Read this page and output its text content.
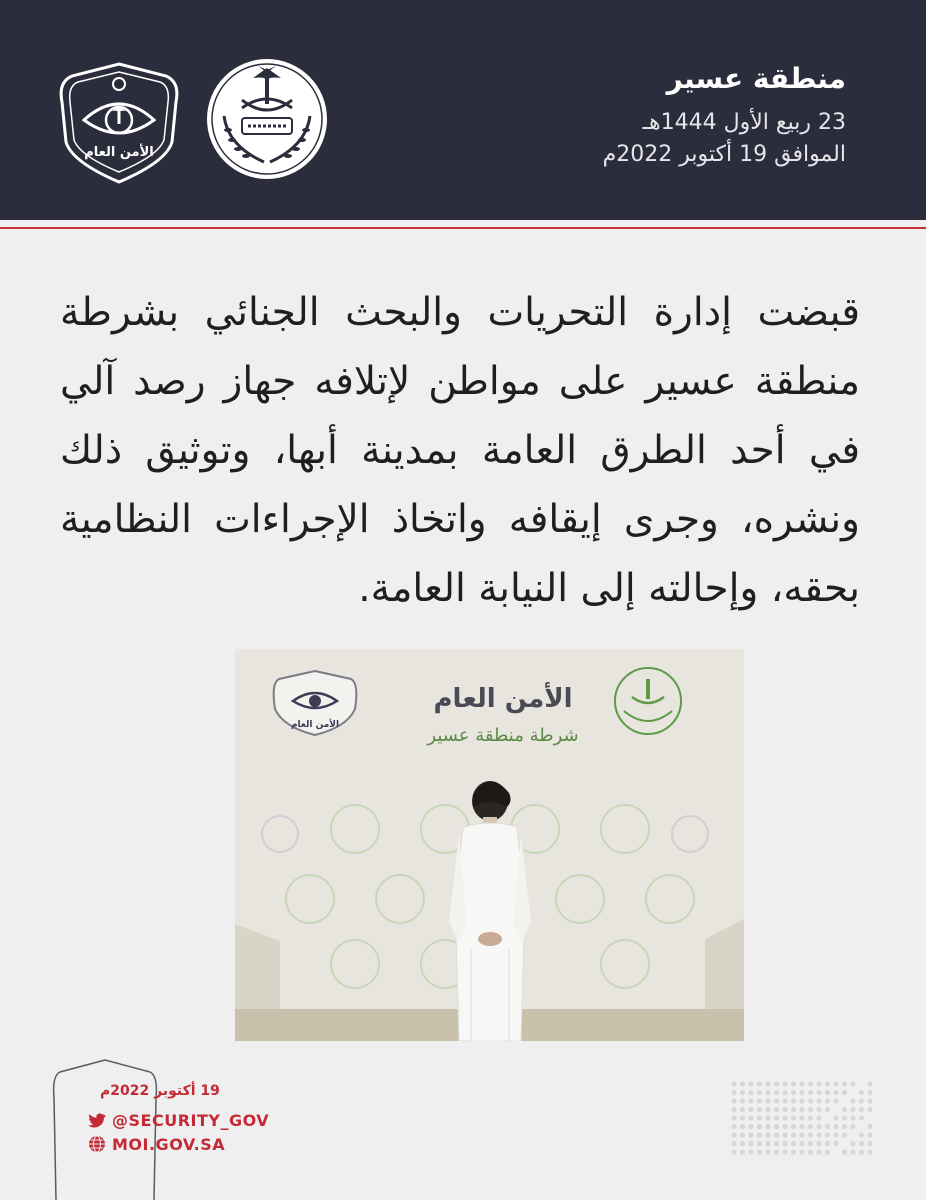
منطقة عسير
23 ربيع الأول 1444هـ
الموافق 19 أكتوبر 2022م
الأمن العام

قبضت إدارة التحريات والبحث الجنائي بشرطة منطقة عسير على مواطن لإتلافه جهاز رصد آلي في أحد الطرق العامة بمدينة أبها، وتوثيق ذلك ونشره، وجرى إيقافه واتخاذ الإجراءات النظامية بحقه، وإحالته إلى النيابة العامة.

الأمن العام
الأمن العام
شرطة منطقة عسير
19 أكتوبر 2022م
@SECURITY_GOV
MOI.GOV.SA
